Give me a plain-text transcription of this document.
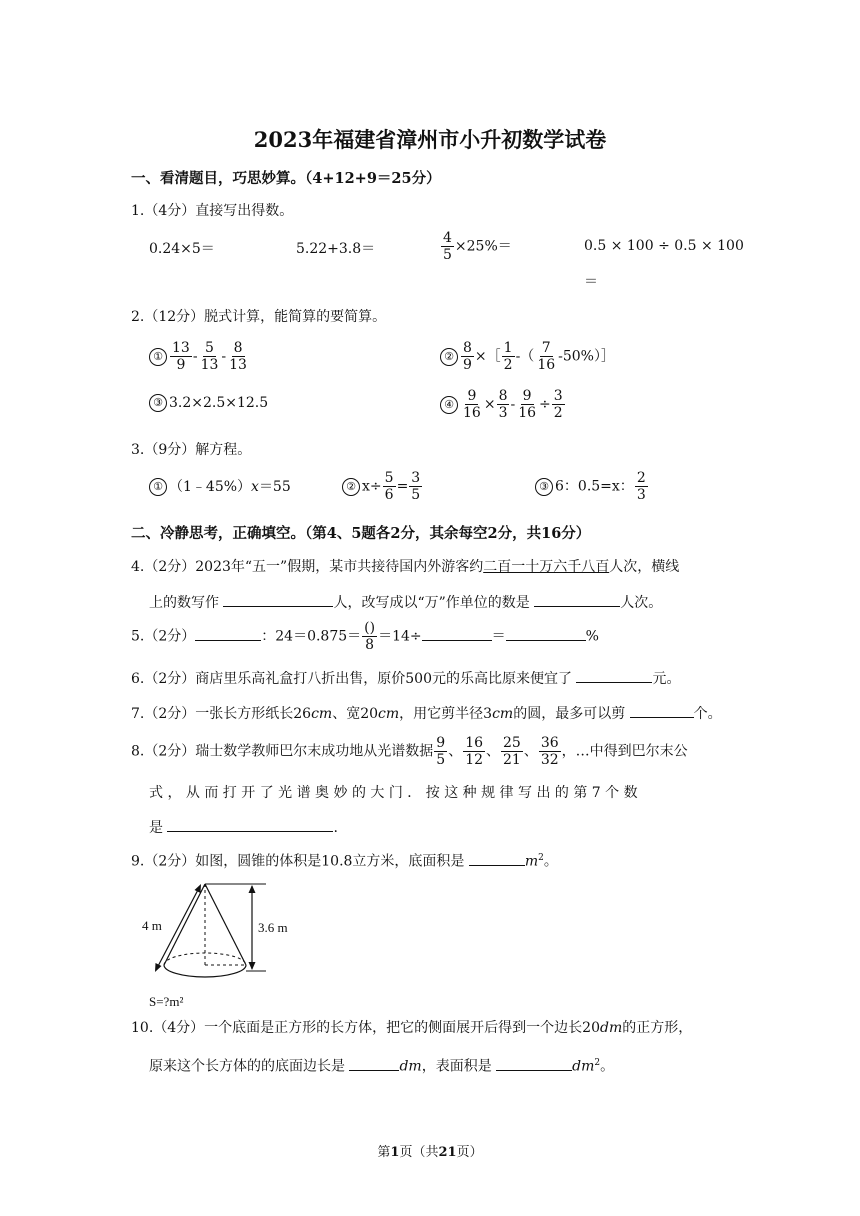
2023年福建省漳州市小升初数学试卷
一、看清题目，巧思妙算。（4+12+9＝25分）
1.（4分）直接写出得数。
0.24×5＝	5.22+3.8＝	$\frac{4}{5} \times 25\%=$	0.5 × 100 ÷ 0.5 × 100
＝
2.（12分）脱式计算，能简算的要简算。
① $\frac{13}{9} - \frac{5}{13} - \frac{8}{13}$	② $\frac{8}{9}$ ×［ $\frac{1}{2}$ -（ $\frac{7}{16}$ -50%）］
③ 3.2×2.5×12.5	④ $\frac{9}{16} \times \frac{8}{3} - \frac{9}{16} \div \frac{3}{2}$
3.（9分）解方程。
① （1﹣45%）x＝55	② $x\div \frac{5}{6} = \frac{3}{5}$	③ 6：0.5=x： $\frac{2}{3}$
二、冷静思考，正确填空。（第4、5题各2分，其余每空2分，共16分）
4.（2分）2023年“五一”假期，某市共接待国内外游客约二百一十万六千八百人次，横线
上的数写作	人，改写成以“万”作单位的数是	人次。
5.（2分）	：$24=0.875= \frac{()}{8} =14\div$	＝	%
6.（2分）商店里乐高礼盒打八折出售，原价500元的乐高比原来便宜了	元。
7.（2分）一张长方形纸长26cm、宽20cm，用它剪半径3cm的圆，最多可以剪	个。
8.（2分）瑞士数学教师巴尔末成功地从光谱数据 $\frac{9}{5}$ 、 $\frac{16}{12}$ 、 $\frac{25}{21}$ 、 $\frac{36}{32}$ ，…中得到巴尔末公
式 ， 从 而 打 开 了 光 谱 奥 妙 的 大 门 ． 按 这 种 规 律 写 出 的 第 7 个 数
是	.
9.（2分）如图，圆锥的体积是10.8立方米，底面积是	$m^2$。
4 m	3.6 m
S=?m²
10.（4分）一个底面是正方形的长方体，把它的侧面展开后得到一个边长20dm的正方形，
原来这个长方体的的底面边长是	dm，表面积是	$dm^2$。
第1页（共21页）
